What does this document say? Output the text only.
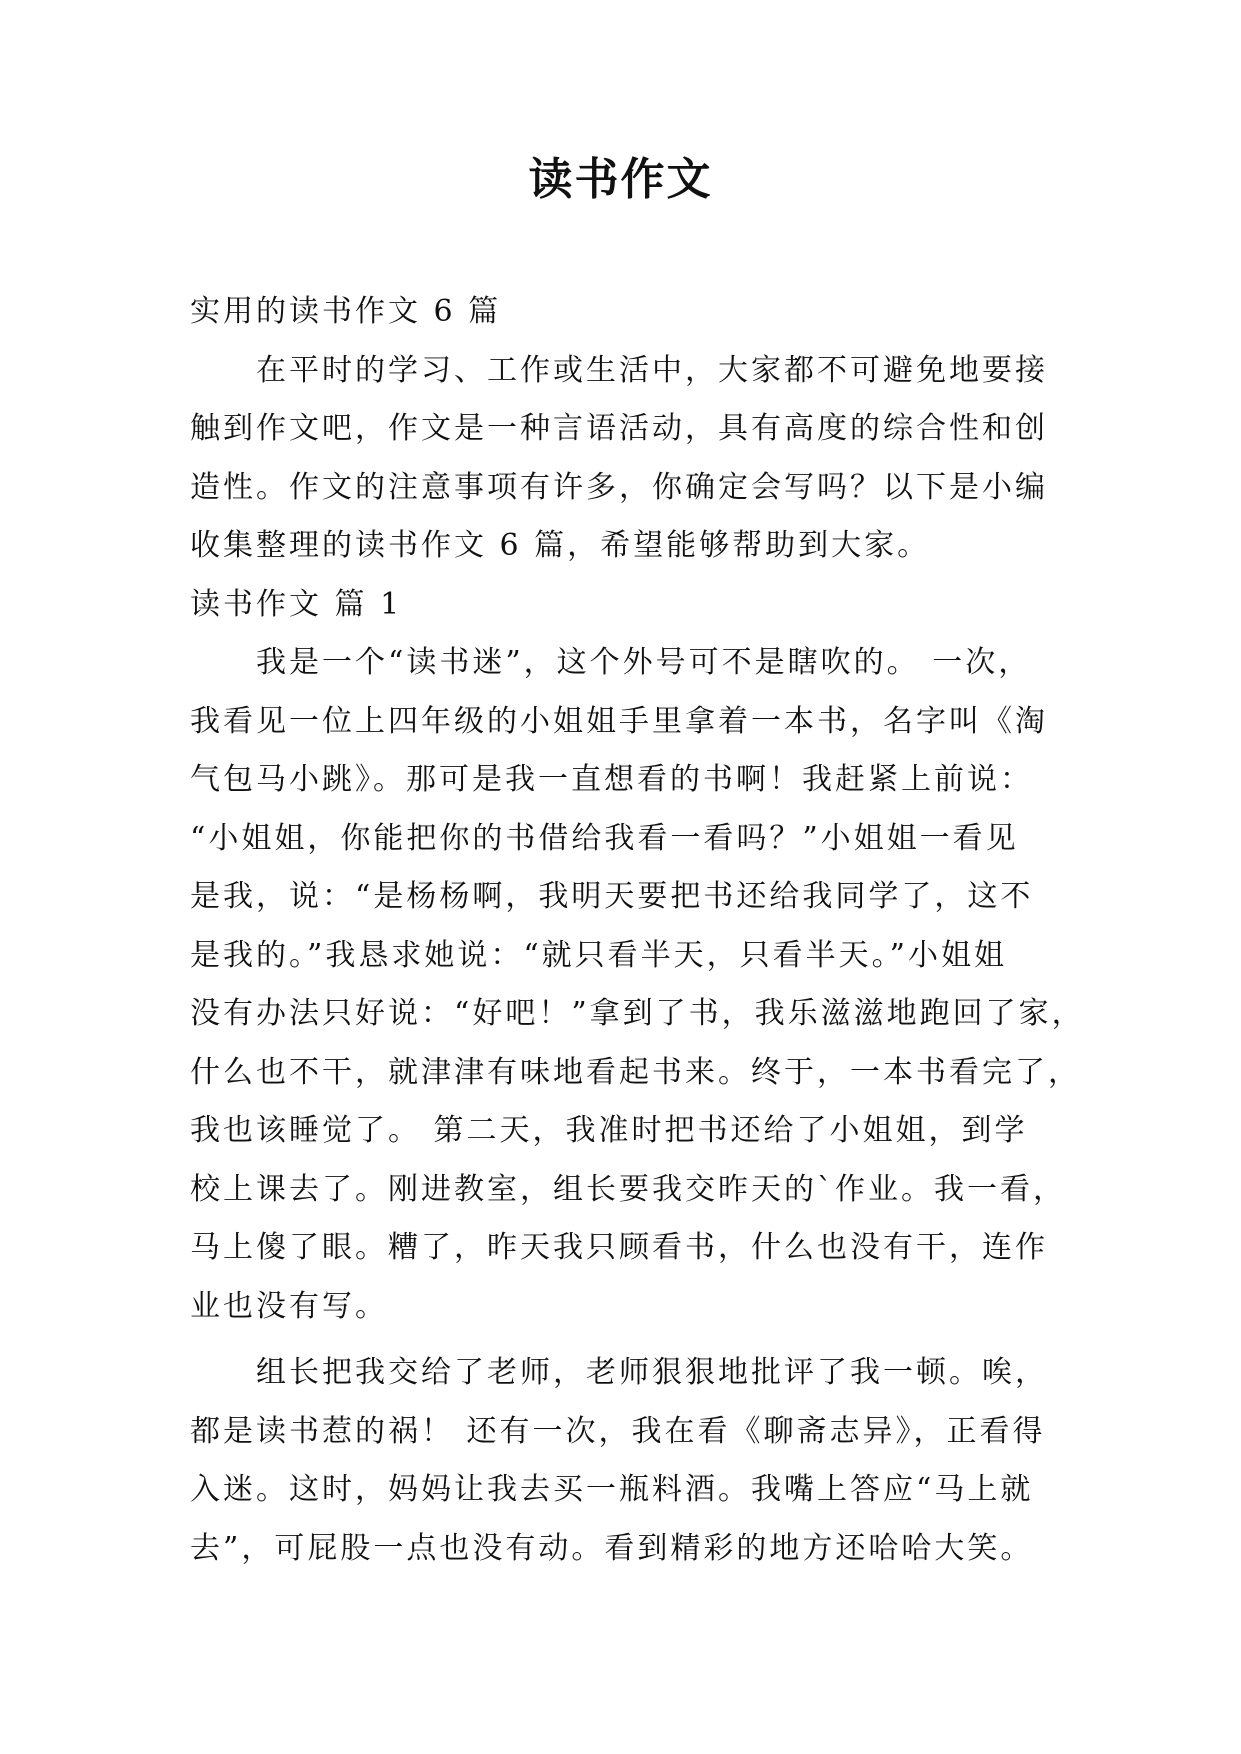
读书作文
实用的读书作文 6 篇
在平时的学习、工作或生活中，大家都不可避免地要接
触到作文吧，作文是一种言语活动，具有高度的综合性和创
造性。作文的注意事项有许多，你确定会写吗？以下是小编
收集整理的读书作文 6 篇，希望能够帮助到大家。
读书作文 篇 1
我是一个“读书迷”，这个外号可不是瞎吹的。 一次，
我看见一位上四年级的小姐姐手里拿着一本书，名字叫《淘
气包马小跳》。那可是我一直想看的书啊！我赶紧上前说：
“小姐姐，你能把你的书借给我看一看吗？”小姐姐一看见
是我，说：“是杨杨啊，我明天要把书还给我同学了，这不
是我的。”我恳求她说：“就只看半天，只看半天。”小姐姐
没有办法只好说：“好吧！”拿到了书，我乐滋滋地跑回了家，
什么也不干，就津津有味地看起书来。终于，一本书看完了，
我也该睡觉了。 第二天，我准时把书还给了小姐姐，到学
校上课去了。刚进教室，组长要我交昨天的`作业。我一看，
马上傻了眼。糟了，昨天我只顾看书，什么也没有干，连作
业也没有写。
组长把我交给了老师，老师狠狠地批评了我一顿。唉，
都是读书惹的祸！ 还有一次，我在看《聊斋志异》，正看得
入迷。这时，妈妈让我去买一瓶料酒。我嘴上答应“马上就
去”，可屁股一点也没有动。看到精彩的地方还哈哈大笑。
